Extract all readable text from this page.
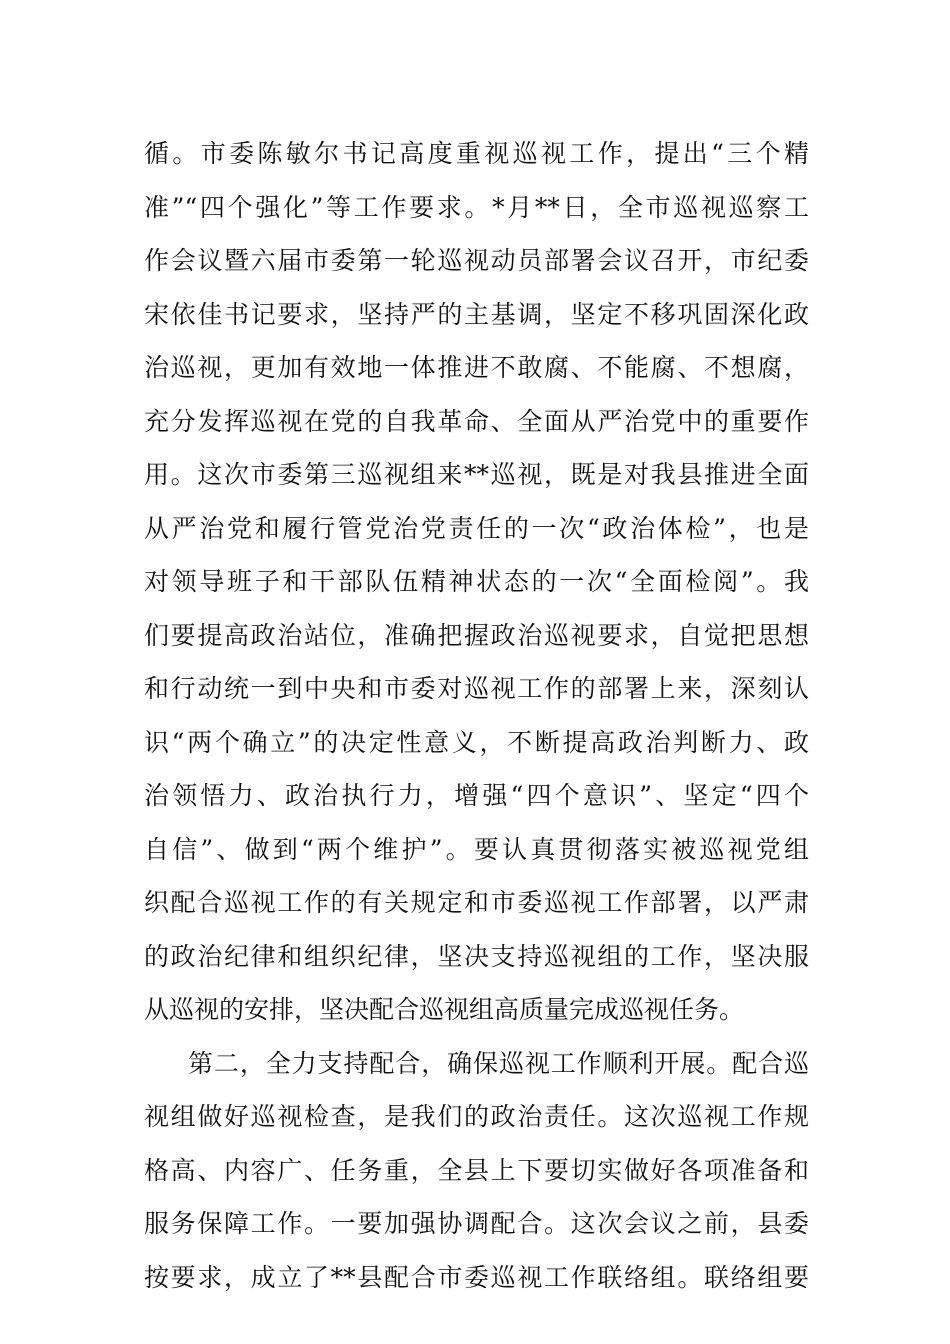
循。市委陈敏尔书记高度重视巡视工作，提出“三个精
准”“四个强化”等工作要求。*月**日，全市巡视巡察工
作会议暨六届市委第一轮巡视动员部署会议召开，市纪委
宋依佳书记要求，坚持严的主基调，坚定不移巩固深化政
治巡视，更加有效地一体推进不敢腐、不能腐、不想腐，
充分发挥巡视在党的自我革命、全面从严治党中的重要作
用。这次市委第三巡视组来**巡视，既是对我县推进全面
从严治党和履行管党治党责任的一次“政治体检”，也是
对领导班子和干部队伍精神状态的一次“全面检阅”。我
们要提高政治站位，准确把握政治巡视要求，自觉把思想
和行动统一到中央和市委对巡视工作的部署上来，深刻认
识“两个确立”的决定性意义，不断提高政治判断力、政
治领悟力、政治执行力，增强“四个意识”、坚定“四个
自信”、做到“两个维护”。要认真贯彻落实被巡视党组
织配合巡视工作的有关规定和市委巡视工作部署，以严肃
的政治纪律和组织纪律，坚决支持巡视组的工作，坚决服
从巡视的安排，坚决配合巡视组高质量完成巡视任务。
第二，全力支持配合，确保巡视工作顺利开展。配合巡
视组做好巡视检查，是我们的政治责任。这次巡视工作规
格高、内容广、任务重，全县上下要切实做好各项准备和
服务保障工作。一要加强协调配合。这次会议之前，县委
按要求，成立了**县配合市委巡视工作联络组。联络组要
